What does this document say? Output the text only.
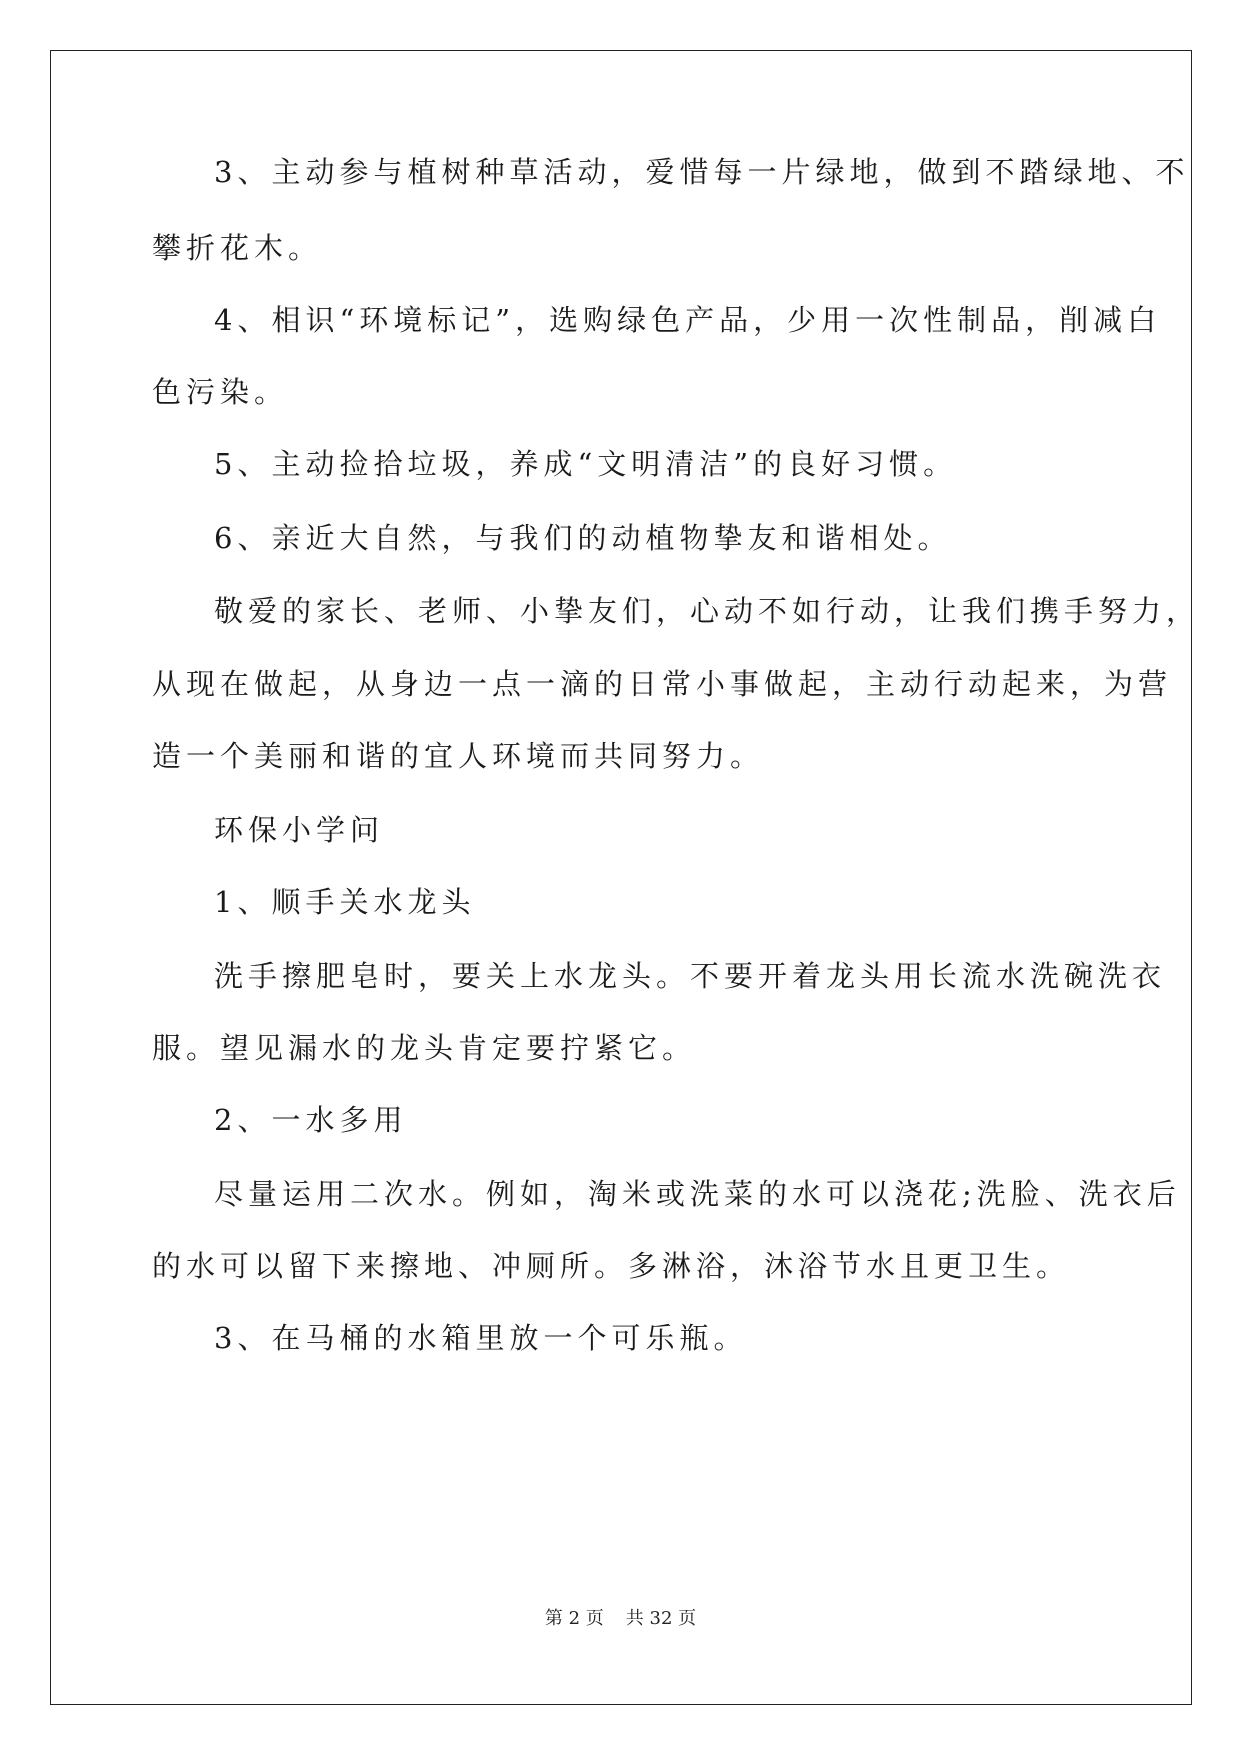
3、主动参与植树种草活动，爱惜每一片绿地，做到不踏绿地、不
攀折花木。
4、相识“环境标记”，选购绿色产品，少用一次性制品，削减白
色污染。
5、主动捡拾垃圾，养成“文明清洁”的良好习惯。
6、亲近大自然，与我们的动植物挚友和谐相处。
敬爱的家长、老师、小挚友们，心动不如行动，让我们携手努力，
从现在做起，从身边一点一滴的日常小事做起，主动行动起来，为营
造一个美丽和谐的宜人环境而共同努力。
环保小学问
1、顺手关水龙头
洗手擦肥皂时，要关上水龙头。不要开着龙头用长流水洗碗洗衣
服。望见漏水的龙头肯定要拧紧它。
2、一水多用
尽量运用二次水。例如，淘米或洗菜的水可以浇花;洗脸、洗衣后
的水可以留下来擦地、冲厕所。多淋浴，沐浴节水且更卫生。
3、在马桶的水箱里放一个可乐瓶。
第 2 页 共 32 页
